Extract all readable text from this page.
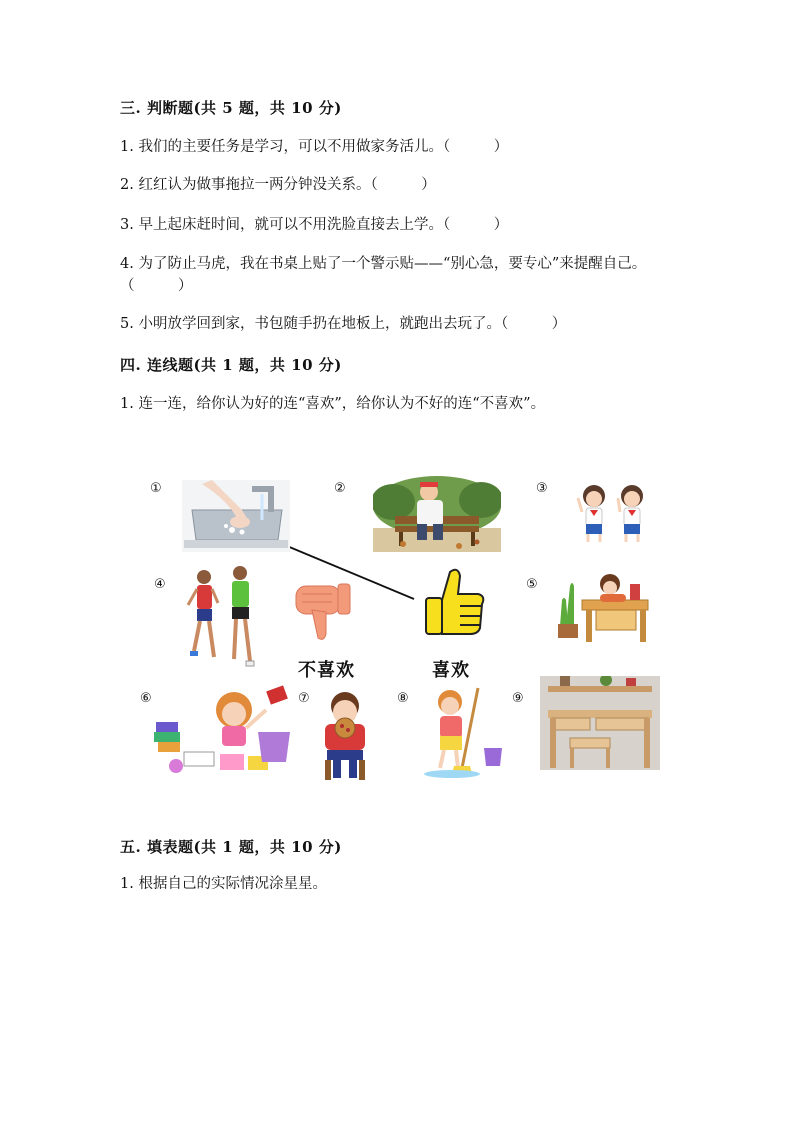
三. 判断题(共 5 题，共 10 分)
1. 我们的主要任务是学习，可以不用做家务活儿。（　　　）
2. 红红认为做事拖拉一两分钟没关系。（　　　）
3. 早上起床赶时间，就可以不用洗脸直接去上学。（　　　）
4. 为了防止马虎，我在书桌上贴了一个警示贴——“别心急，要专心”来提醒自己。（　　　）
5. 小明放学回到家，书包随手扔在地板上，就跑出去玩了。（　　　）
四. 连线题(共 1 题，共 10 分)
1. 连一连，给你认为好的连“喜欢”，给你认为不好的连“不喜欢”。
①	②	③
④	⑤
⑥	⑦	⑧	⑨
不喜欢	喜欢
五. 填表题(共 1 题，共 10 分)
1. 根据自己的实际情况涂星星。
